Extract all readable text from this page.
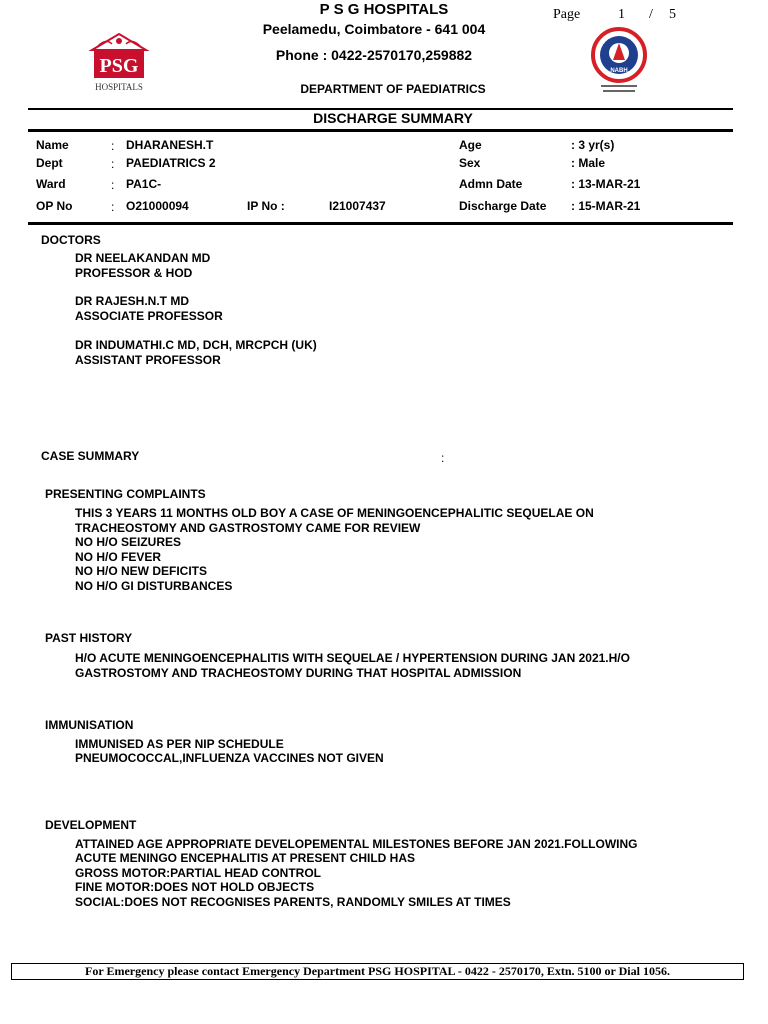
PSG
HOSPITALS
P S G HOSPITALS
Peelamedu, Coimbatore - 641 004
Phone : 0422-2570170,259882
DEPARTMENT OF PAEDIATRICS
Page	1 / 5
NABH
DISCHARGE SUMMARY
Name	: DHARANESH.T
Dept	: PAEDIATRICS 2
Ward	: PA1C-
OP No	: O21000094	IP No :	I21007437
Age	: 3 yr(s)
Sex	: Male
Admn Date	: 13-MAR-21
Discharge Date : 15-MAR-21
DOCTORS
DR NEELAKANDAN MD
PROFESSOR & HOD
DR RAJESH.N.T MD
ASSOCIATE PROFESSOR
DR INDUMATHI.C MD, DCH, MRCPCH (UK)
ASSISTANT PROFESSOR
CASE SUMMARY	:
PRESENTING COMPLAINTS
THIS 3 YEARS 11 MONTHS OLD BOY A CASE OF MENINGOENCEPHALITIC SEQUELAE ON
TRACHEOSTOMY AND GASTROSTOMY CAME FOR REVIEW
NO H/O SEIZURES
NO H/O FEVER
NO H/O NEW DEFICITS
NO H/O GI DISTURBANCES
PAST HISTORY
H/O ACUTE MENINGOENCEPHALITIS WITH SEQUELAE / HYPERTENSION DURING JAN 2021.H/O
GASTROSTOMY AND TRACHEOSTOMY DURING THAT HOSPITAL ADMISSION
IMMUNISATION
IMMUNISED AS PER NIP SCHEDULE
PNEUMOCOCCAL,INFLUENZA VACCINES NOT GIVEN
DEVELOPMENT
ATTAINED AGE APPROPRIATE DEVELOPEMENTAL MILESTONES BEFORE JAN 2021.FOLLOWING
ACUTE MENINGO ENCEPHALITIS AT PRESENT CHILD HAS
GROSS MOTOR:PARTIAL HEAD CONTROL
FINE MOTOR:DOES NOT HOLD OBJECTS
SOCIAL:DOES NOT RECOGNISES PARENTS, RANDOMLY SMILES AT TIMES
For Emergency please contact Emergency Department PSG HOSPITAL - 0422 - 2570170, Extn. 5100 or Dial 1056.
